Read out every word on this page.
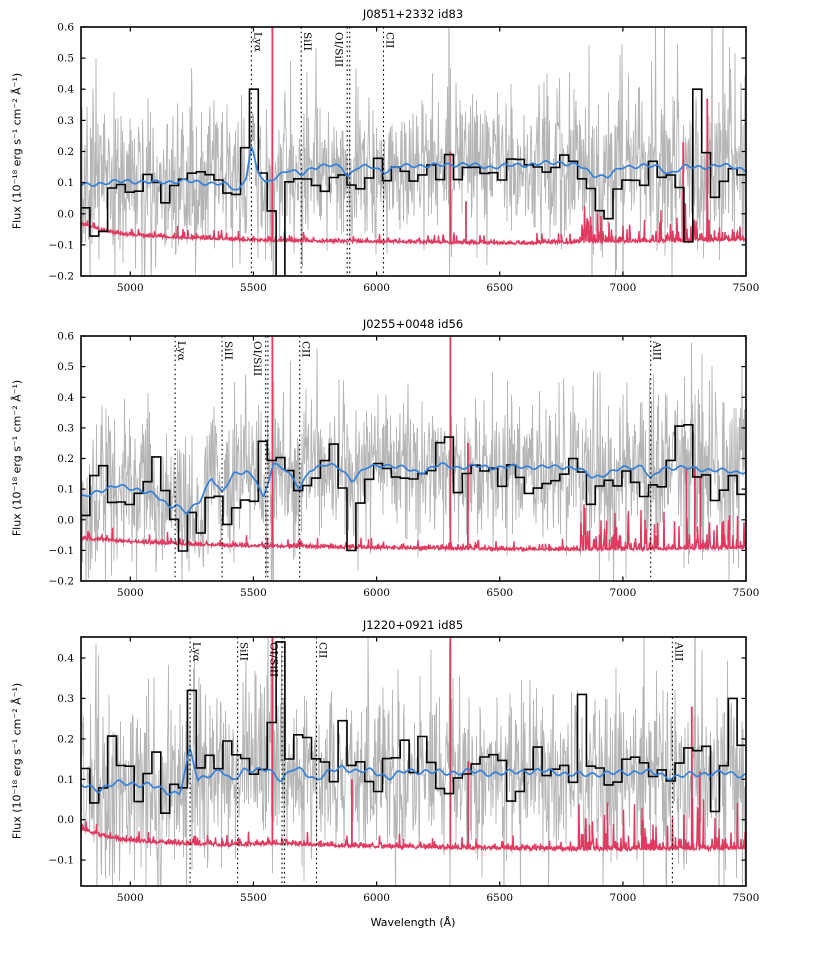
Lyα	SiII OI/SiII	CII
5000	5500	6000	6500	7000	7500
0.6
0.5
0.4
0.3
0.2
0.1
0.0
−0.1
−0.2
Lyα	SiII OI/SiII	CII	AlII
5000	5500	6000	6500	7000	7500
0.6
0.5
0.4
0.3
0.2
0.1
0.0
−0.1
−0.2
Lyα	SiII OI/SiII	CII	AlII
5000	5500	6000	6500	7000	7500
0.4
0.3
0.2
0.1
0.0
−0.1
J0851+2332 id83
J0255+0048 id56
J1220+0921 id85
Flux (10⁻¹⁸ erg s⁻¹ cm⁻² Å⁻¹)
Flux (10⁻¹⁸ erg s⁻¹ cm⁻² Å⁻¹)
Flux (10⁻¹⁸ erg s⁻¹ cm⁻² Å⁻¹)
Wavelength (Å)
